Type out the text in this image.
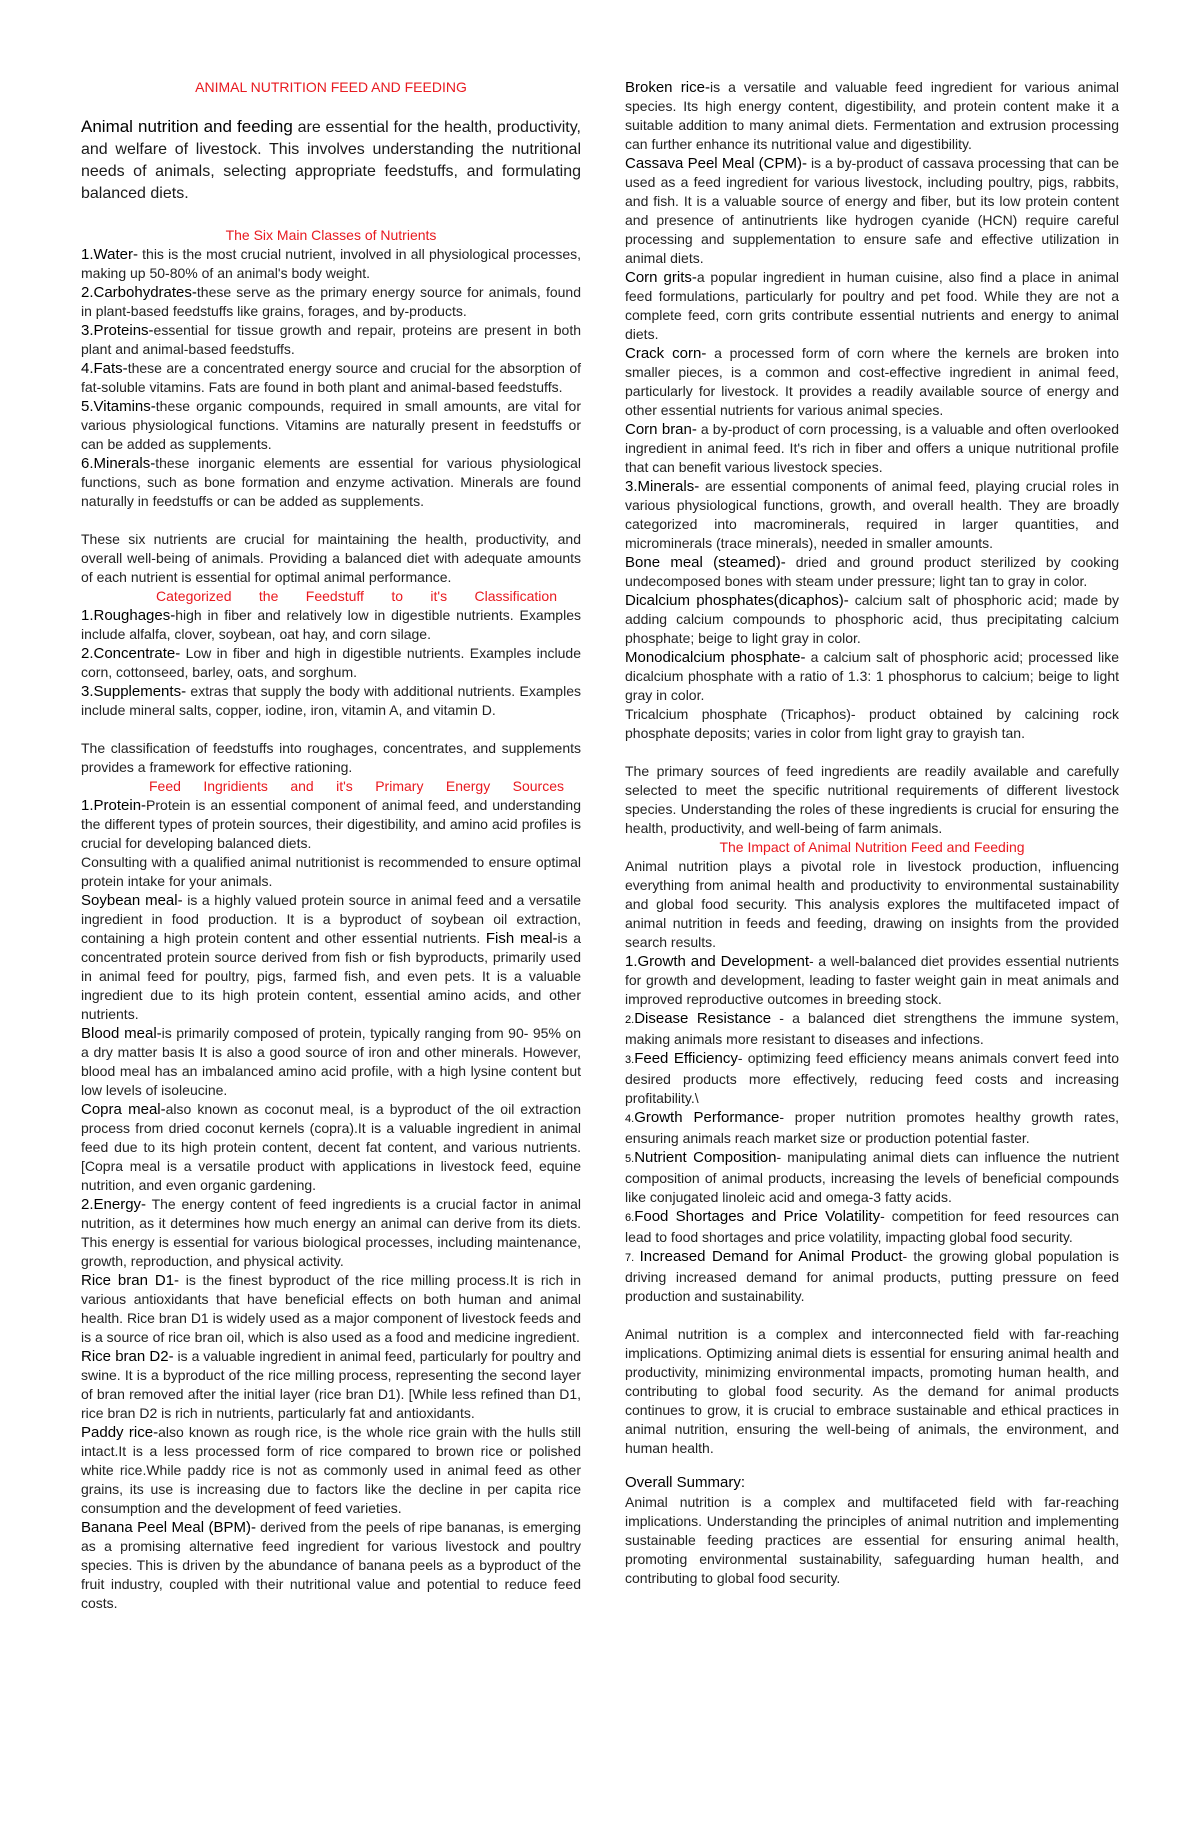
ANIMAL NUTRITION FEED AND FEEDING

Animal nutrition and feeding are essential for the health, productivity, and welfare of livestock. This involves understanding the nutritional needs of animals, selecting appropriate feedstuffs, and formulating balanced diets.

The Six Main Classes of Nutrients

1.Water- this is the most crucial nutrient, involved in all physiological processes, making up 50-80% of an animal's body weight.

2.Carbohydrates-these serve as the primary energy source for animals, found in plant-based feedstuffs like grains, forages, and by-products.

3.Proteins-essential for tissue growth and repair, proteins are present in both plant and animal-based feedstuffs.

4.Fats-these are a concentrated energy source and crucial for the absorption of fat-soluble vitamins. Fats are found in both plant and animal-based feedstuffs.

5.Vitamins-these organic compounds, required in small amounts, are vital for various physiological functions. Vitamins are naturally present in feedstuffs or can be added as supplements.

6.Minerals-these inorganic elements are essential for various physiological functions, such as bone formation and enzyme activation. Minerals are found naturally in feedstuffs or can be added as supplements.

These six nutrients are crucial for maintaining the health, productivity, and overall well-being of animals. Providing a balanced diet with adequate amounts of each nutrient is essential for optimal animal performance.

Categorized the Feedstuff to it's Classification

1.Roughages-high in fiber and relatively low in digestible nutrients. Examples include alfalfa, clover, soybean, oat hay, and corn silage.

2.Concentrate- Low in fiber and high in digestible nutrients. Examples include corn, cottonseed, barley, oats, and sorghum.

3.Supplements- extras that supply the body with additional nutrients. Examples include mineral salts, copper, iodine, iron, vitamin A, and vitamin D.

The classification of feedstuffs into roughages, concentrates, and supplements provides a framework for effective rationing.

Feed Ingridients and it's Primary Energy Sources

1.Protein-Protein is an essential component of animal feed, and understanding the different types of protein sources, their digestibility, and amino acid profiles is crucial for developing balanced diets.

Consulting with a qualified animal nutritionist is recommended to ensure optimal protein intake for your animals.

Soybean meal- is a highly valued protein source in animal feed and a versatile ingredient in food production. It is a byproduct of soybean oil extraction, containing a high protein content and other essential nutrients. Fish meal-is a concentrated protein source derived from fish or fish byproducts, primarily used in animal feed for poultry, pigs, farmed fish, and even pets. It is a valuable ingredient due to its high protein content, essential amino acids, and other nutrients.

Blood meal-is primarily composed of protein, typically ranging from 90- 95% on a dry matter basis It is also a good source of iron and other minerals. However, blood meal has an imbalanced amino acid profile, with a high lysine content but low levels of isoleucine.

Copra meal-also known as coconut meal, is a byproduct of the oil extraction process from dried coconut kernels (copra).It is a valuable ingredient in animal feed due to its high protein content, decent fat content, and various nutrients. [Copra meal is a versatile product with applications in livestock feed, equine nutrition, and even organic gardening.

2.Energy- The energy content of feed ingredients is a crucial factor in animal nutrition, as it determines how much energy an animal can derive from its diets. This energy is essential for various biological processes, including maintenance, growth, reproduction, and physical activity.

Rice bran D1- is the finest byproduct of the rice milling process.It is rich in various antioxidants that have beneficial effects on both human and animal health. Rice bran D1 is widely used as a major component of livestock feeds and is a source of rice bran oil, which is also used as a food and medicine ingredient.

Rice bran D2- is a valuable ingredient in animal feed, particularly for poultry and swine. It is a byproduct of the rice milling process, representing the second layer of bran removed after the initial layer (rice bran D1). [While less refined than D1, rice bran D2 is rich in nutrients, particularly fat and antioxidants.

Paddy rice-also known as rough rice, is the whole rice grain with the hulls still intact.It is a less processed form of rice compared to brown rice or polished white rice.While paddy rice is not as commonly used in animal feed as other grains, its use is increasing due to factors like the decline in per capita rice consumption and the development of feed varieties.

Banana Peel Meal (BPM)- derived from the peels of ripe bananas, is emerging as a promising alternative feed ingredient for various livestock and poultry species. This is driven by the abundance of banana peels as a byproduct of the fruit industry, coupled with their nutritional value and potential to reduce feed costs.

Broken rice-is a versatile and valuable feed ingredient for various animal species. Its high energy content, digestibility, and protein content make it a suitable addition to many animal diets. Fermentation and extrusion processing can further enhance its nutritional value and digestibility.

Cassava Peel Meal (CPM)- is a by-product of cassava processing that can be used as a feed ingredient for various livestock, including poultry, pigs, rabbits, and fish. It is a valuable source of energy and fiber, but its low protein content and presence of antinutrients like hydrogen cyanide (HCN) require careful processing and supplementation to ensure safe and effective utilization in animal diets.

Corn grits-a popular ingredient in human cuisine, also find a place in animal feed formulations, particularly for poultry and pet food. While they are not a complete feed, corn grits contribute essential nutrients and energy to animal diets.

Crack corn- a processed form of corn where the kernels are broken into smaller pieces, is a common and cost-effective ingredient in animal feed, particularly for livestock. It provides a readily available source of energy and other essential nutrients for various animal species.

Corn bran- a by-product of corn processing, is a valuable and often overlooked ingredient in animal feed. It's rich in fiber and offers a unique nutritional profile that can benefit various livestock species.

3.Minerals- are essential components of animal feed, playing crucial roles in various physiological functions, growth, and overall health. They are broadly categorized into macrominerals, required in larger quantities, and microminerals (trace minerals), needed in smaller amounts.

Bone meal (steamed)- dried and ground product sterilized by cooking undecomposed bones with steam under pressure; light tan to gray in color.

Dicalcium phosphates(dicaphos)- calcium salt of phosphoric acid; made by adding calcium compounds to phosphoric acid, thus precipitating calcium phosphate; beige to light gray in color.

Monodicalcium phosphate- a calcium salt of phosphoric acid; processed like dicalcium phosphate with a ratio of 1.3: 1 phosphorus to calcium; beige to light gray in color.

Tricalcium phosphate (Tricaphos)- product obtained by calcining rock phosphate deposits; varies in color from light gray to grayish tan.

The primary sources of feed ingredients are readily available and carefully selected to meet the specific nutritional requirements of different livestock species. Understanding the roles of these ingredients is crucial for ensuring the health, productivity, and well-being of farm animals.

The Impact of Animal Nutrition Feed and Feeding

Animal nutrition plays a pivotal role in livestock production, influencing everything from animal health and productivity to environmental sustainability and global food security. This analysis explores the multifaceted impact of animal nutrition in feeds and feeding, drawing on insights from the provided search results.

1.Growth and Development- a well-balanced diet provides essential nutrients for growth and development, leading to faster weight gain in meat animals and improved reproductive outcomes in breeding stock.

2.Disease Resistance - a balanced diet strengthens the immune system, making animals more resistant to diseases and infections.

3.Feed Efficiency- optimizing feed efficiency means animals convert feed into desired products more effectively, reducing feed costs and increasing profitability.\

4.Growth Performance- proper nutrition promotes healthy growth rates, ensuring animals reach market size or production potential faster.

5.Nutrient Composition- manipulating animal diets can influence the nutrient composition of animal products, increasing the levels of beneficial compounds like conjugated linoleic acid and omega-3 fatty acids.

6.Food Shortages and Price Volatility- competition for feed resources can lead to food shortages and price volatility, impacting global food security.

7. Increased Demand for Animal Product- the growing global population is driving increased demand for animal products, putting pressure on feed production and sustainability.

Animal nutrition is a complex and interconnected field with far-reaching implications. Optimizing animal diets is essential for ensuring animal health and productivity, minimizing environmental impacts, promoting human health, and contributing to global food security. As the demand for animal products continues to grow, it is crucial to embrace sustainable and ethical practices in animal nutrition, ensuring the well-being of animals, the environment, and human health.

Overall Summary:

Animal nutrition is a complex and multifaceted field with far-reaching implications. Understanding the principles of animal nutrition and implementing sustainable feeding practices are essential for ensuring animal health, promoting environmental sustainability, safeguarding human health, and contributing to global food security.
